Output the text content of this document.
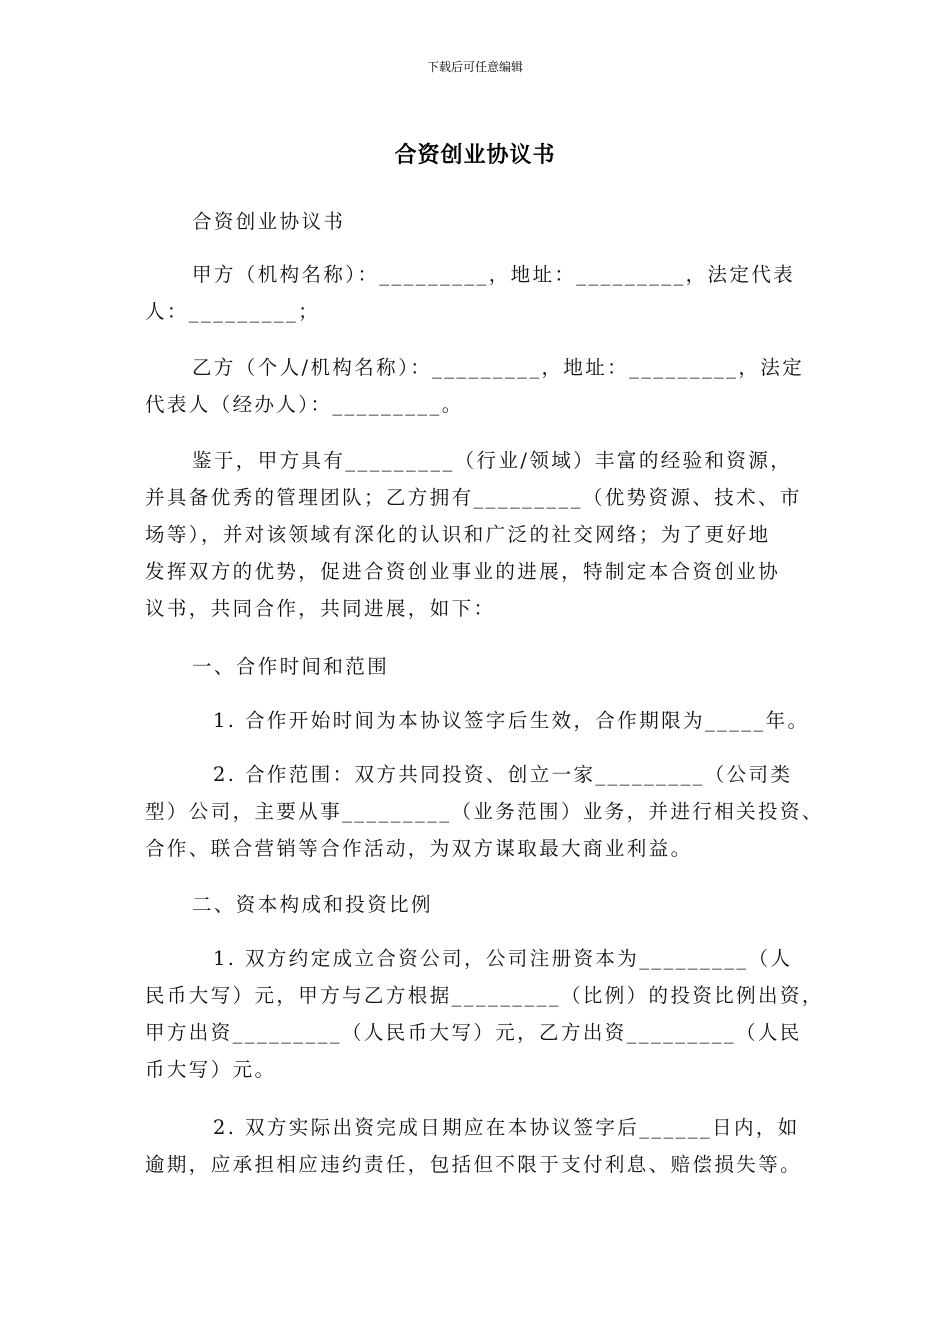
下载后可任意编辑
合资创业协议书

合资创业协议书

甲方（机构名称）：_________，地址：_________，法定代表
人：_________；

乙方（个人/机构名称）：_________，地址：_________，法定
代表人（经办人）：_________。

鉴于，甲方具有_________（行业/领域）丰富的经验和资源，
并具备优秀的管理团队；乙方拥有_________（优势资源、技术、市
场等），并对该领域有深化的认识和广泛的社交网络；为了更好地
发挥双方的优势，促进合资创业事业的进展，特制定本合资创业协
议书，共同合作，共同进展，如下：

一、合作时间和范围

1. 合作开始时间为本协议签字后生效，合作期限为_____年。

2. 合作范围：双方共同投资、创立一家_________（公司类
型）公司，主要从事_________（业务范围）业务，并进行相关投资、
合作、联合营销等合作活动，为双方谋取最大商业利益。

二、资本构成和投资比例

1. 双方约定成立合资公司，公司注册资本为_________（人
民币大写）元，甲方与乙方根据_________（比例）的投资比例出资，
甲方出资_________（人民币大写）元，乙方出资_________（人民
币大写）元。

2. 双方实际出资完成日期应在本协议签字后______日内，如
逾期，应承担相应违约责任，包括但不限于支付利息、赔偿损失等。
